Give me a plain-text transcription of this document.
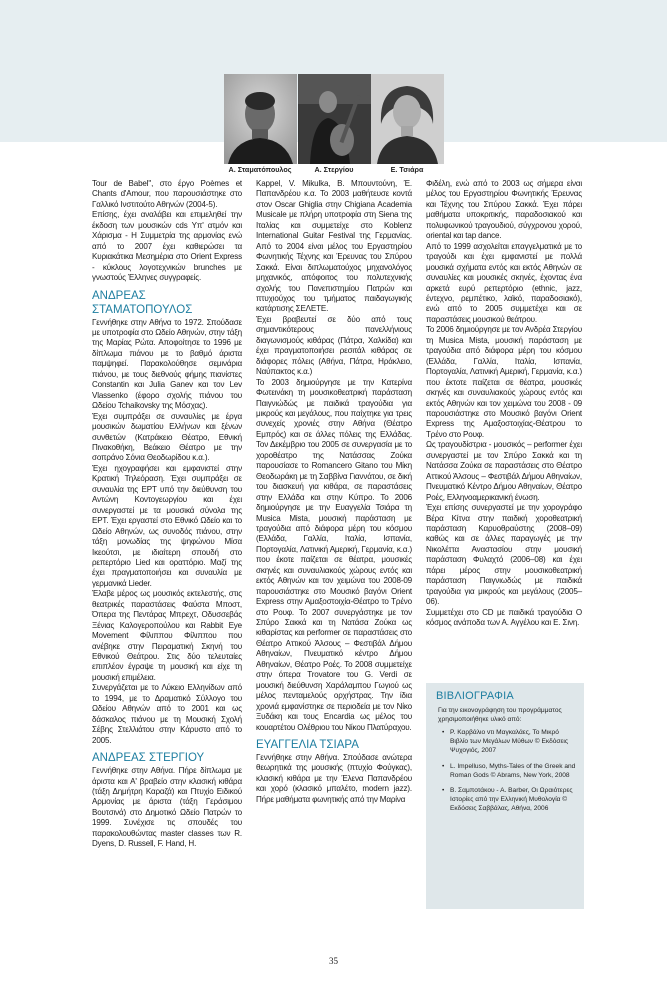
Α. Σταματόπουλος	Α. Στεργίου	Ε. Τσιάρα

Tour de Babel", στο έργο Poèmes et Chants d'Amour, που παρουσιάστηκε στο Γαλλικό Ινστιτούτο Αθηνών (2004-5).

Επίσης, έχει αναλάβει και επιμεληθεί την έκδοση των μουσικών cds Υπ' ατμόν και Χάρισμα - Η Συμμετρία της αρμονίας ενώ από το 2007 έχει καθιερώσει τα Κυριακάτικα Μεσημέρια στο Orient Express - κύκλους λογοτεχνικών brunches με γνωστούς Έλληνες συγγραφείς.

ΑΝΔΡΕΑΣ ΣΤΑΜΑΤΟΠΟΥΛΟΣ

Γεννήθηκε στην Αθήνα το 1972. Σπούδασε με υποτροφία στο Ωδείο Αθηνών, στην τάξη της Μαρίας Ρώτα. Αποφοίτησε το 1996 με δίπλωμα πιάνου με το βαθμό άριστα παμψηφεί. Παρακολούθησε σεμινάρια πιάνου, με τους διεθνούς φήμης πιανίστες Constantin και Julia Ganev και τον Lev Vlassenko (έφορο σχολής πιάνου του Ωδείου Tchaikovsky της Μόσχας).

Έχει συμπράξει σε συναυλίες με έργα μουσικών δωματίου Ελλήνων και ξένων συνθετών (Κατράκειο Θέατρο, Εθνική Πινακοθήκη, Βεάκειο Θέατρο με την σοπράνο Σόνια Θεοδωρίδου κ.α.).

Έχει ηχογραφήσει και εμφανιστεί στην Κρατική Τηλεόραση. Έχει συμπράξει σε συναυλία της ΕΡΤ υπό την διεύθυνση του Αντώνη Κοντογεωργίου και έχει συνεργαστεί με τα μουσικά σύνολα της ΕΡΤ. Έχει εργαστεί στο Εθνικό Ωδείο και το Ωδείο Αθηνών, ως συνοδός πιάνου, στην τάξη μονωδίας της ψηφώνου Μίσα Ικεούτσι, με ιδιαίτερη σπουδή στο ρεπερτόριο Lied και οραττόριο. Μαζί της έχει πραγματοποιήσει και συναυλία με γερμανικά Lieder.

Έλαβε μέρος ως μουσικός εκτελεστής, στις θεατρικές παραστάσεις Φαύστα Μποστ, Όπερα της Πεντάρας Μπρεχτ, Οδυσσεβάς Ξένιας Καλογεροπούλου και Rabbit Eye Movement Φίλιππου Φίλιππου που ανέβηκε στην Πειραματική Σκηνή του Εθνικού Θεάτρου. Στις δύο τελευταίες επιπλέον έγραψε τη μουσική και είχε τη μουσική επιμέλεια.

Συνεργάζεται με το Λύκειο Ελληνίδων από το 1994, με το Δραματικό Σύλλογο του Ωδείου Αθηνών από το 2001 και ως δάσκαλος πιάνου με τη Μουσική Σχολή Σέβης Στελλιάτου στην Κάρυστο από το 2005.

ΑΝΔΡΕΑΣ ΣΤΕΡΓΙΟΥ

Γεννήθηκε στην Αθήνα. Πήρε δίπλωμα με άριστα και Α' βραβείο στην κλασική κιθάρα (τάξη Δημήτρη Καραζά) και Πτυχίο Ειδικού Αρμονίας με άριστα (τάξη Γεράσιμου Βουτσινά) στο Δημοτικό Ωδείο Πατρών το 1999. Συνέχισε τις σπουδές του παρακολουθώντας master classes των R. Dyens, D. Russell, F. Hand, H.

Kappel, V. Mikulka, B. Μπουντούνη, Έ. Παπανδρέου κ.α. Το 2003 μαθήτευσε κοντά στον Oscar Ghiglia στην Chigiana Academia Musicale με πλήρη υποτροφία στη Siena της Ιταλίας και συμμετείχε στο Koblenz International Guitar Festival της Γερμανίας. Από το 2004 είναι μέλος του Εργαστηρίου Φωνητικής Τέχνης και Έρευνας του Σπύρου Σακκά. Είναι διπλωματούχος μηχανολόγος μηχανικός, απόφοιτος του πολυτεχνικής σχολής του Πανεπιστημίου Πατρών και πτυχιούχος του τμήματος παιδαγωγικής κατάρτισης ΣΕΛΕΤΕ.

Έχει βραβευτεί σε δύο από τους σημαντικότερους πανελλήνιους διαγωνισμούς κιθάρας (Πάτρα, Χαλκίδα) και έχει πραγματοποιήσει ρεσιτάλ κιθάρας σε διάφορες πόλεις (Αθήνα, Πάτρα, Ηράκλειο, Ναύπακτος κ.α.)

Το 2003 δημιούργησε με την Κατερίνα Φωτεινάκη τη μουσικοθεατρική παράσταση Παιγνιώδώς με παιδικά τραγούδια για μικρούς και μεγάλους, που παίχτηκε για τρεις συνεχείς χρονιές στην Αθήνα (Θέατρο Εμπρός) και σε άλλες πόλεις της Ελλάδας. Τον Δεκέμβριο του 2005 σε συνεργασία με το χοροθέατρο της Νατάσσας Ζούκα παρουσίασε το Romancero Gitano του Μίκη Θεοδωράκη με τη Σαββίνα Γιαννάτου, σε δική του διασκευή για κιθάρα, σε παραστάσεις στην Ελλάδα και στην Κύπρο. Το 2006 δημιούργησε με την Ευαγγελία Τσιάρα τη Musica Mista, μουσική παράσταση με τραγούδια από διάφορα μέρη του κόσμου (Ελλάδα, Γαλλία, Ιταλία, Ισπανία, Πορτογαλία, Λατινική Αμερική, Γερμανία, κ.α.) που έκοτε παίζεται σε θέατρα, μουσικές σκηνές και συναυλιακούς χώρους εντός και εκτός Αθηνών και τον χειμώνα του 2008-09 παρουσιάστηκε στο Μουσικό βαγόνι Orient Express στην Αμαξοστοιχία-Θέατρο το Τρένο στο Ρουφ. Το 2007 συνεργάστηκε με τον Σπύρο Σακκά και τη Νατάσα Ζούκα ως κιθαρίστας και performer σε παραστάσεις στο Θέατρο Αττικού Άλσους – Φεστιβάλ Δήμου Αθηναίων, Πνευματικό κέντρο Δήμου Αθηναίων, Θέατρο Ροές. Το 2008 συμμετείχε στην όπερα Trovatore του G. Verdi σε μουσική διεύθυνση Χαράλαμπου Γωγιού ως μέλος πενταμελούς ορχήστρας. Την ίδια χρονιά εμφανίστηκε σε περιοδεία με τον Νίκο Ξυδάκη και τους Encardia ως μέλος του κουαρτέτου Ολέθριου του Νίκου Πλατύραχου.

ΕΥΑΓΓΕΛΙΑ ΤΣΙΑΡΑ

Γεννήθηκε στην Αθήνα. Σπούδασε ανώτερα θεωρητικά της μουσικής (πτυχίο Φούγκας), κλασική κιθάρα με την Έλενα Παπανδρέου και χορό (κλασικό μπαλέτο, modern jazz). Πήρε μαθήματα φωνητικής από την Μαρίνα

Φιδέλη, ενώ από το 2003 ως σήμερα είναι μέλος του Εργαστηρίου Φωνητικής Έρευνας και Τέχνης του Σπύρου Σακκά. Έχει πάρει μαθήματα υποκριτικής, παραδοσιακού και πολυφωνικού τραγουδιού, σύγχρονου χορού, oriental και tap dance.

Από το 1999 ασχολείται επαγγελματικά με το τραγούδι και έχει εμφανιστεί με πολλά μουσικά σχήματα εντός και εκτός Αθηνών σε συναυλίες και μουσικές σκηνές, έχοντας ένα αρκετά ευρύ ρεπερτόριο (ethnic, jazz, έντεχνο, ρεμπέτικο, λαϊκό, παραδοσιακό), ενώ από το 2005 συμμετέχει και σε παραστάσεις μουσικού θεάτρου.

Το 2006 δημιούργησε με τον Ανδρέα Στεργίου τη Musica Mista, μουσική παράσταση με τραγούδια από διάφορα μέρη του κόσμου (Ελλάδα, Γαλλία, Ιταλία, Ισπανία, Πορτογαλία, Λατινική Αμερική, Γερμανία, κ.α.) που έκτοτε παίζεται σε θέατρα, μουσικές σκηνές και συναυλιακούς χώρους εντός και εκτός Αθηνών και τον χειμώνα του 2008 - 09 παρουσιάστηκε στο Μουσικό βαγόνι Orient Express της Αμαξοστοιχίας-Θέατρου το Τρένο στο Ρουφ.

Ως τραγουδίστρια - μουσικός – performer έχει συνεργαστεί με τον Σπύρο Σακκά και τη Νατάσσα Ζούκα σε παραστάσεις στο Θέατρο Αττικού Άλσους – Φεστιβάλ Δήμου Αθηναίων, Πνευματικό Κέντρο Δήμου Αθηναίων, Θέατρο Ροές, Ελληνοαμερικανική ένωση.

Έχει επίσης συνεργαστεί με την χορογράφο Βέρα Κίτνα στην παιδική χοροθεατρική παράσταση Καρυοθραύστης (2008–09) καθώς και σε άλλες παραγωγές με την Νικολέττα Αναστασίου στην μουσική παράσταση Φυλαχτό (2006–08) και έχει πάρει μέρος στην μουσικοθεατρική παράσταση Παιγνιωδώς με παιδικά τραγούδια για μικρούς και μεγάλους (2005–06).

Συμμετέχει στο CD με παιδικά τραγούδια Ο κόσμος ανάποδα των Α. Αγγέλου και Ε. Σινη.

ΒΙΒΛΙΟΓΡΑΦΙΑ
Για την εικονογράφηση του προγράμματος χρησιμοποιήθηκε υλικό από:
• Ρ. Καρβάλιο ντι Μαγκαλάες, Το Μικρό Βιβλίο των Μεγάλων Μύθων © Εκδόσεις Ψυχογιός, 2007
• L. Impelluso, Myths-Tales of the Greek and Roman Gods © Abrams, New York, 2008
• Β. Σαμποτάκου - Α. Barber, Οι Ωραιότερες Ιστορίες από την Ελληνική Μυθολογία © Εκδόσεις Σαββάλας, Αθήνα, 2006
35
